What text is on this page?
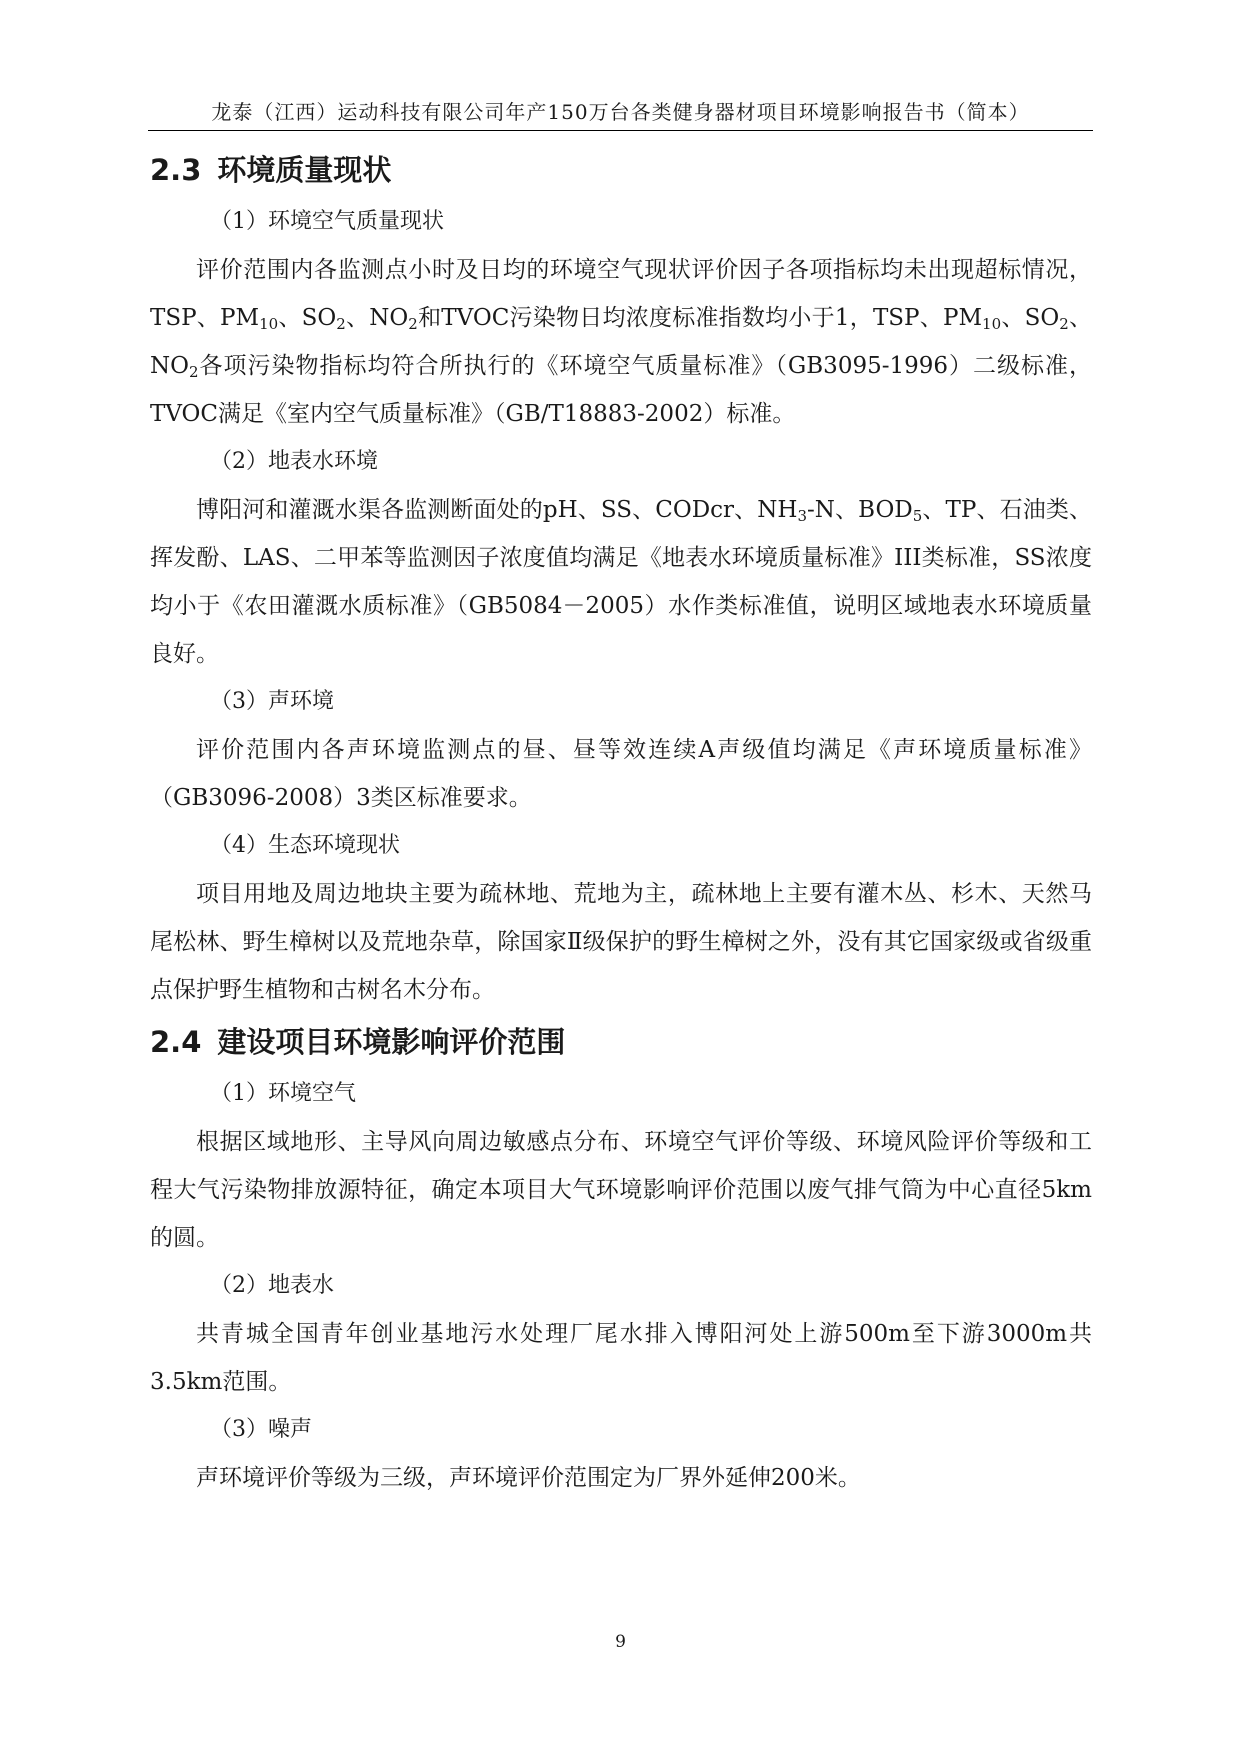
龙泰（江西）运动科技有限公司年产150万台各类健身器材项目环境影响报告书（简本）
2.3 环境质量现状
（1）环境空气质量现状

评价范围内各监测点小时及日均的环境空气现状评价因子各项指标均未出现超标情况，TSP、$PM_{10}$、$SO_2$、$NO_2$和TVOC污染物日均浓度标准指数均小于1，TSP、$PM_{10}$、$SO_2$、$NO_2$各项污染物指标均符合所执行的《环境空气质量标准》（GB3095-1996）二级标准，TVOC满足《室内空气质量标准》（GB/T18883-2002）标准。

（2）地表水环境

博阳河和灌溉水渠各监测断面处的pH、SS、CODcr、$NH_3-N$、$BOD_5$、TP、石油类、挥发酚、LAS、二甲苯等监测因子浓度值均满足《地表水环境质量标准》III类标准，SS浓度均小于《农田灌溉水质标准》（GB5084－2005）水作类标准值，说明区域地表水环境质量良好。

（3）声环境

评价范围内各声环境监测点的昼、昼等效连续A声级值均满足《声环境质量标准》（GB3096-2008）3类区标准要求。

（4）生态环境现状

项目用地及周边地块主要为疏林地、荒地为主，疏林地上主要有灌木丛、杉木、天然马尾松林、野生樟树以及荒地杂草，除国家Ⅱ级保护的野生樟树之外，没有其它国家级或省级重点保护野生植物和古树名木分布。

2.4 建设项目环境影响评价范围
（1）环境空气

根据区域地形、主导风向周边敏感点分布、环境空气评价等级、环境风险评价等级和工程大气污染物排放源特征，确定本项目大气环境影响评价范围以废气排气筒为中心直径5km的圆。

（2）地表水

共青城全国青年创业基地污水处理厂尾水排入博阳河处上游500m至下游3000m共3.5km范围。

（3）噪声

声环境评价等级为三级，声环境评价范围定为厂界外延伸200米。

9
